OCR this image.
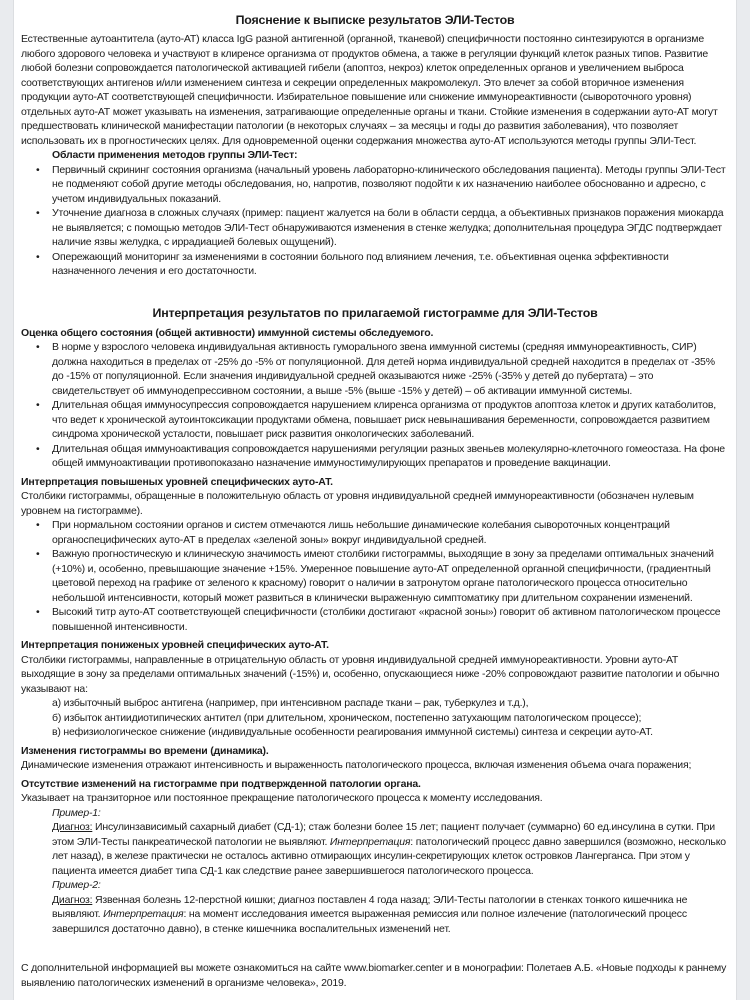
Пояснение к выписке результатов ЭЛИ-Тестов

Естественные аутоантитела (ауто-АТ) класса IgG разной антигенной (органной, тканевой) специфичности постоянно синтезируются в организме любого здорового человека и участвуют в клиренсе организма от продуктов обмена, а также в регуляции функций клеток разных типов. Развитие любой болезни сопровождается патологической активацией гибели (апоптоз, некроз) клеток определенных органов и увеличением выброса соответствующих антигенов и/или изменением синтеза и секреции определенных макромолекул. Это влечет за собой вторичное изменения продукции ауто-АТ соответствующей специфичности. Избирательное повышение или снижение иммунореактивности (сывороточного уровня) отдельных ауто-АТ может указывать на изменения, затрагивающие определенные органы и ткани. Стойкие изменения в содержании ауто-АТ могут предшествовать клинической манифестации патологии (в некоторых случаях – за месяцы и годы до развития заболевания), что позволяет использовать их в прогностических целях. Для одновременной оценки содержания множества ауто-АТ используются методы группы ЭЛИ-Тест.

Области применения методов группы ЭЛИ-Тест:
• Первичный скрининг состояния организма (начальный уровень лабораторно-клинического обследования пациента). Методы группы ЭЛИ-Тест не подменяют собой другие методы обследования, но, напротив, позволяют подойти к их назначению наиболее обоснованно и адресно, с учетом индивидуальных показаний.
• Уточнение диагноза в сложных случаях (пример: пациент жалуется на боли в области сердца, а объективных признаков поражения миокарда не выявляется; с помощью методов ЭЛИ-Тест обнаруживаются изменения в стенке желудка; дополнительная процедура ЭГДС подтверждает наличие язвы желудка, с иррадиацией болевых ощущений).
• Опережающий мониторинг за изменениями в состоянии больного под влиянием лечения, т.е. объективная оценка эффективности назначенного лечения и его достаточности.
Интерпретация результатов по прилагаемой гистограмме для ЭЛИ-Тестов
Оценка общего состояния (общей активности) иммунной системы обследуемого.
• В норме у взрослого человека индивидуальная активность гуморального звена иммунной системы (средняя иммунореактивность, СИР) должна находиться в пределах от -25% до -5% от популяционной. Для детей норма индивидуальной средней находится в пределах от -35% до -15% от популяционной. Если значения индивидуальной средней оказываются ниже -25% (-35% у детей до пубертата) – это свидетельствует об иммунодепрессивном состоянии, а выше -5% (выше -15% у детей) – об активации иммунной системы.
• Длительная общая иммуносупрессия сопровождается нарушением клиренса организма от продуктов апоптоза клеток и других катаболитов, что ведет к хронической аутоинтоксикации продуктами обмена, повышает риск невынашивания беременности, сопровождается развитием синдрома хронической усталости, повышает риск развития онкологических заболеваний.
• Длительная общая иммуноактивация сопровождается нарушениями регуляции разных звеньев молекулярно-клеточного гомеостаза. На фоне общей иммуноактивации противопоказано назначение иммуностимулирующих препаратов и проведение вакцинации.
Интерпретация повышеных уровней специфических ауто-АТ.

Столбики гистограммы, обращенные в положительную область от уровня индивидуальной средней иммунореактивности (обозначен нулевым уровнем на гистограмме).

• При нормальном состоянии органов и систем отмечаются лишь небольшие динамические колебания сывороточных концентраций органоспецифических ауто-АТ в пределах «зеленой зоны» вокруг индивидуальной средней.
• Важную прогностическую и клиническую значимость имеют столбики гистограммы, выходящие в зону за пределами оптимальных значений (+10%) и, особенно, превышающие значение +15%. Умеренное повышение ауто-АТ определенной органной специфичности, (градиентный цветовой переход на графике от зеленого к красному) говорит о наличии в затронутом органе патологического процесса относительно небольшой интенсивности, который может развиться в клинически выраженную симптоматику при длительном сохранении изменений.
• Высокий титр ауто-АТ соответствующей специфичности (столбики достигают «красной зоны») говорит об активном патологическом процессе повышенной интенсивности.
Интерпретация пониженых уровней специфических ауто-АТ.

Столбики гистограммы, направленные в отрицательную область от уровня индивидуальной средней иммунореактивности. Уровни ауто-АТ выходящие в зону за пределами оптимальных значений (-15%) и, особенно, опускающиеся ниже -20% сопровождают развитие патологии и обычно указывают на:

а) избыточный выброс антигена (например, при интенсивном распаде ткани – рак, туберкулез и т.д.),
б) избыток антиидиотипических антител (при длительном, хроническом, постепенно затухающим патологическом процессе);
в) нефизиологическое снижение (индивидуальные особенности реагирования иммунной системы) синтеза и секреции ауто-АТ.
Изменения гистограммы во времени (динамика).

Динамические изменения отражают интенсивность и выраженность патологического процесса, включая изменения объема очага поражения;

Отсутствие изменений на гистограмме при подтвержденной патологии органа.

Указывает на транзиторное или постоянное прекращение патологического процесса к моменту исследования.

Пример-1:

Диагноз: Инсулинзависимый сахарный диабет (СД-1); стаж болезни более 15 лет; пациент получает (суммарно) 60 ед.инсулина в сутки. При этом ЭЛИ-Тесты панкреатической патологии не выявляют. Интерпретация: патологический процесс давно завершился (возможно, несколько лет назад), в железе практически не осталось активно отмирающих инсулин-секретирующих клеток островков Лангерганса. При этом у пациента имеется диабет типа СД-1 как следствие ранее завершившегося патологического процесса.

Пример-2:

Диагноз: Язвенная болезнь 12-перстной кишки; диагноз поставлен 4 года назад; ЭЛИ-Тесты патологии в стенках тонкого кишечника не выявляют. Интерпретация: на момент исследования имеется выраженная ремиссия или полное излечение (патологический процесс завершился достаточно давно), в стенке кишечника воспалительных изменений нет.

С дополнительной информацией вы можете ознакомиться на сайте www.biomarker.center и в монографии: Полетаев А.Б. «Новые подходы к раннему выявлению патологических изменений в организме человека», 2019.
